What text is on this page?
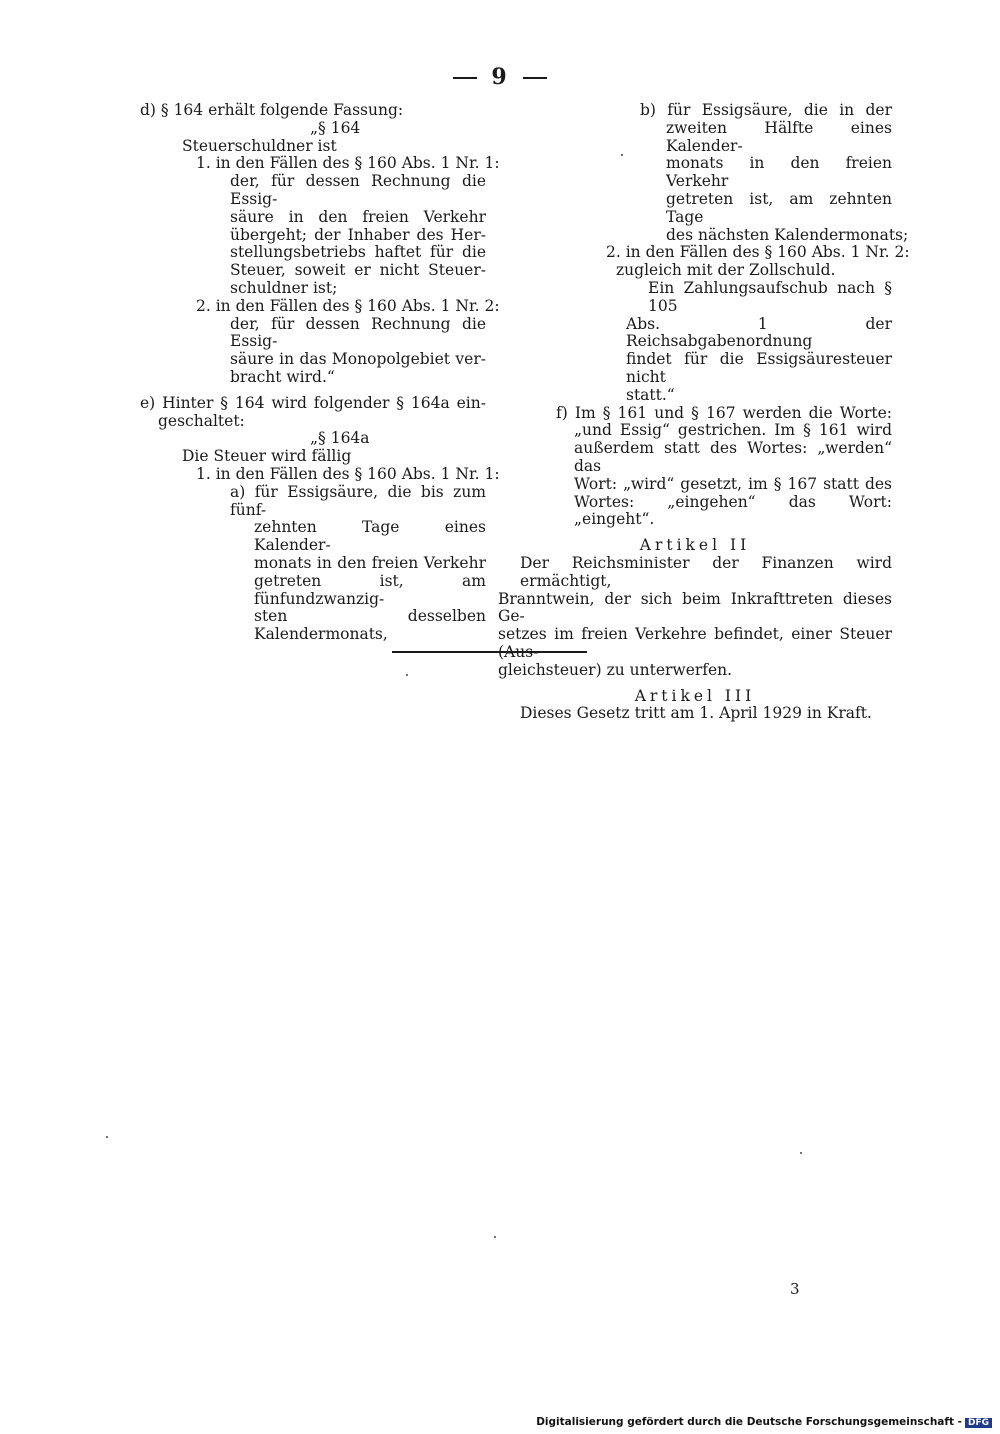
9
d) § 164 erhält folgende Fassung:
„§ 164
Steuerschuldner ist
1. in den Fällen des § 160 Abs. 1 Nr. 1:
der, für dessen Rechnung die Essig-
säure in den freien Verkehr
übergeht; der Inhaber des Her-
stellungsbetriebs haftet für die
Steuer, soweit er nicht Steuer-
schuldner ist;
2. in den Fällen des § 160 Abs. 1 Nr. 2:
der, für dessen Rechnung die Essig-
säure in das Monopolgebiet ver-
bracht wird.“
e) Hinter § 164 wird folgender § 164a ein-
geschaltet:
„§ 164a
Die Steuer wird fällig
1. in den Fällen des § 160 Abs. 1 Nr. 1:
a) für Essigsäure, die bis zum fünf-
zehnten Tage eines Kalender-
monats in den freien Verkehr
getreten ist, am fünfundzwanzig-
sten desselben Kalendermonats,
b) für Essigsäure, die in der
zweiten Hälfte eines Kalender-
monats in den freien Verkehr
getreten ist, am zehnten Tage
des nächsten Kalendermonats;
2. in den Fällen des § 160 Abs. 1 Nr. 2:
zugleich mit der Zollschuld.
Ein Zahlungsaufschub nach § 105
Abs. 1 der Reichsabgabenordnung
findet für die Essigsäuresteuer nicht
statt.“
f) Im § 161 und § 167 werden die Worte:
„und Essig“ gestrichen. Im § 161 wird
außerdem statt des Wortes: „werden“ das
Wort: „wird“ gesetzt, im § 167 statt des
Wortes: „eingehen“ das Wort: „eingeht“.
Artikel II
Der Reichsminister der Finanzen wird ermächtigt,
Branntwein, der sich beim Inkrafttreten dieses Ge-
setzes im freien Verkehre befindet, einer Steuer (Aus-
gleichsteuer) zu unterwerfen.
Artikel III
Dieses Gesetz tritt am 1. April 1929 in Kraft.
3
Digitalisierung gefördert durch die Deutsche Forschungsgemeinschaft - DFG
